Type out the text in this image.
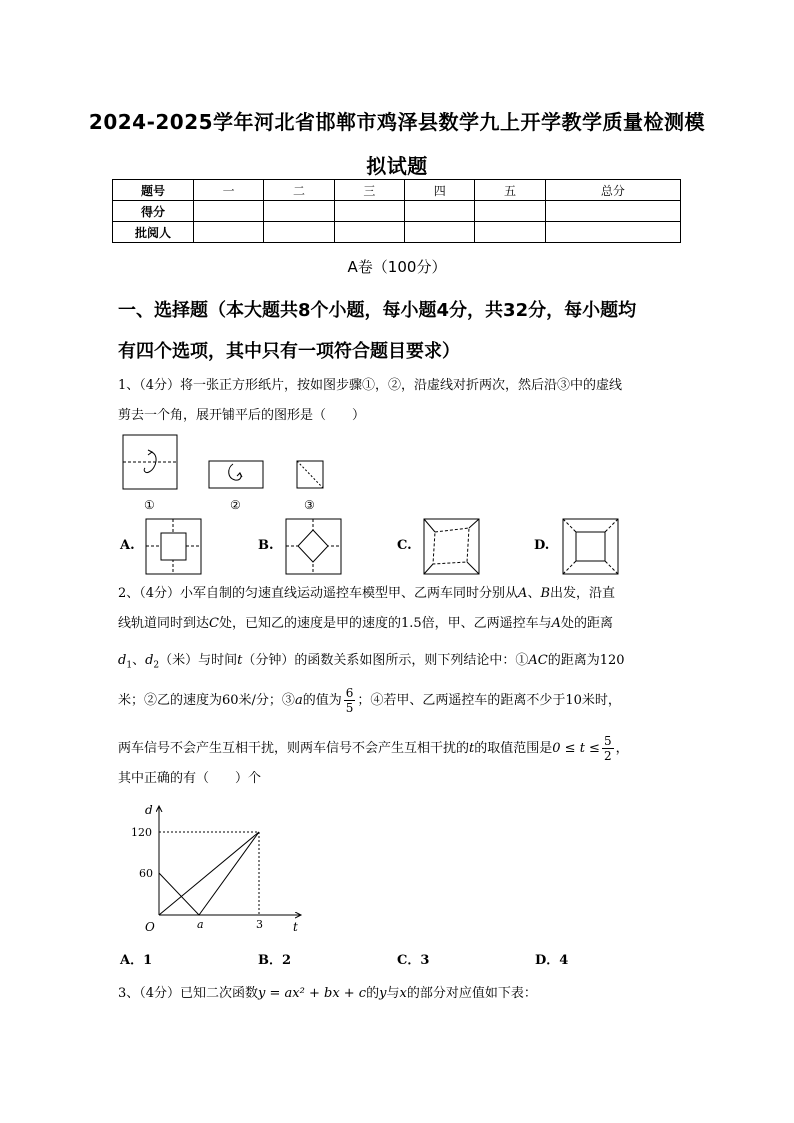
2024-2025学年河北省邯郸市鸡泽县数学九上开学教学质量检测模
拟试题
题号	一	二	三	四	五	总分
得分						
批阅人						
A卷（100分）
一、选择题（本大题共8个小题，每小题4分，共32分，每小题均
有四个选项，其中只有一项符合题目要求）
1、（4分）将一张正方形纸片，按如图步骤①，②，沿虚线对折两次，然后沿③中的虚线
剪去一个角，展开铺平后的图形是（　　）
①	②	③
A.	B.	C.	D.
2、（4分）小军自制的匀速直线运动遥控车模型甲、乙两车同时分别从A、B出发，沿直
线轨道同时到达C处，已知乙的速度是甲的速度的1.5倍，甲、乙两遥控车与A处的距离
$d_1$、$d_2$（米）与时间t（分钟）的函数关系如图所示，则下列结论中：①AC的距离为120
米；②乙的速度为60米/分；③a的值为 $\frac{6}{5}$ ；④若甲、乙两遥控车的距离不少于10米时，
两车信号不会产生互相干扰，则两车信号不会产生互相干扰的t的取值范围是$0 \le t \le \frac{5}{2}$ ，
其中正确的有（　　）个
d
t
O
120
60
a	3
A．1	B．2	C．3	D．4
3、（4分）已知二次函数y = ax² + bx + c的y与x的部分对应值如下表：
